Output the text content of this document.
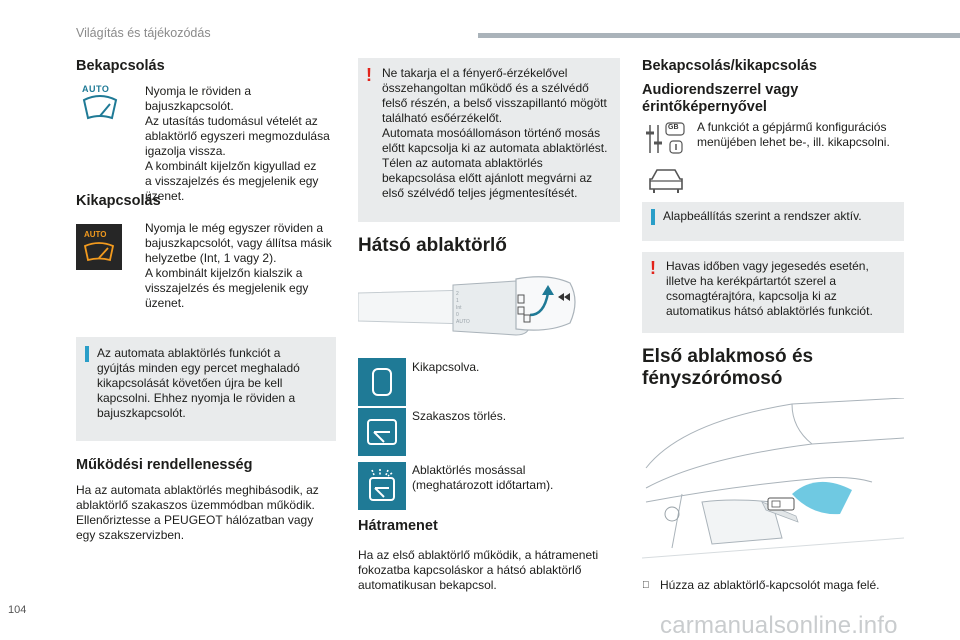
Világítás és tájékozódás
Bekapcsolás
AUTO	Nyomja le röviden a bajuszkapcsolót.
Az utasítás tudomásul vételét az
ablaktörlő egyszeri megmozdulása
igazolja vissza.
A kombinált kijelzőn kigyullad ez
a visszajelzés és megjelenik egy
üzenet.
Kikapcsolás
AUTO	Nyomja le még egyszer röviden a
bajuszkapcsolót, vagy állítsa másik
helyzetbe (Int, 1 vagy 2).
A kombinált kijelzőn kialszik a
visszajelzés és megjelenik egy
üzenet.
Az automata ablaktörlés funkciót a
gyújtás minden egy percet meghaladó
kikapcsolását követően újra be kell
kapcsolni. Ehhez nyomja le röviden a
bajuszkapcsolót.
Működési rendellenesség
Ha az automata ablaktörlés meghibásodik, az
ablaktörlő szakaszos üzemmódban működik.
Ellenőriztesse a PEUGEOT hálózatban vagy
egy szakszervizben.
! Ne takarja el a fényerő-érzékelővel
összehangoltan működő és a szélvédő
felső részén, a belső visszapillantó mögött
található esőérzékelőt.
Automata mosóállomáson történő mosás
előtt kapcsolja ki az automata ablaktörlést.
Télen az automata ablaktörlés
bekapcsolása előtt ajánlott megvárni az
első szélvédő teljes jégmentesítését.
Hátsó ablaktörlő
2
1
Int
0
AUTO
Kikapcsolva.
Szakaszos törlés.
Ablaktörlés mosással
(meghatározott időtartam).
Hátramenet
Ha az első ablaktörlő működik, a hátrameneti
fokozatba kapcsoláskor a hátsó ablaktörlő
automatikusan bekapcsol.
Bekapcsolás/kikapcsolás
Audiorendszerrel vagy
érintőképernyővel
GB A funkciót a gépjármű konfigurációs
menüjében lehet be-, ill. kikapcsolni.
Alapbeállítás szerint a rendszer aktív.
! Havas időben vagy jegesedés esetén,
illetve ha kerékpártartót szerel a
csomagtérajtóra, kapcsolja ki az
automatikus hátsó ablaktörlés funkciót.
Első ablakmosó és
fényszórómosó
Húzza az ablaktörlő-kapcsolót maga felé.
104
carmanualsonline.info
